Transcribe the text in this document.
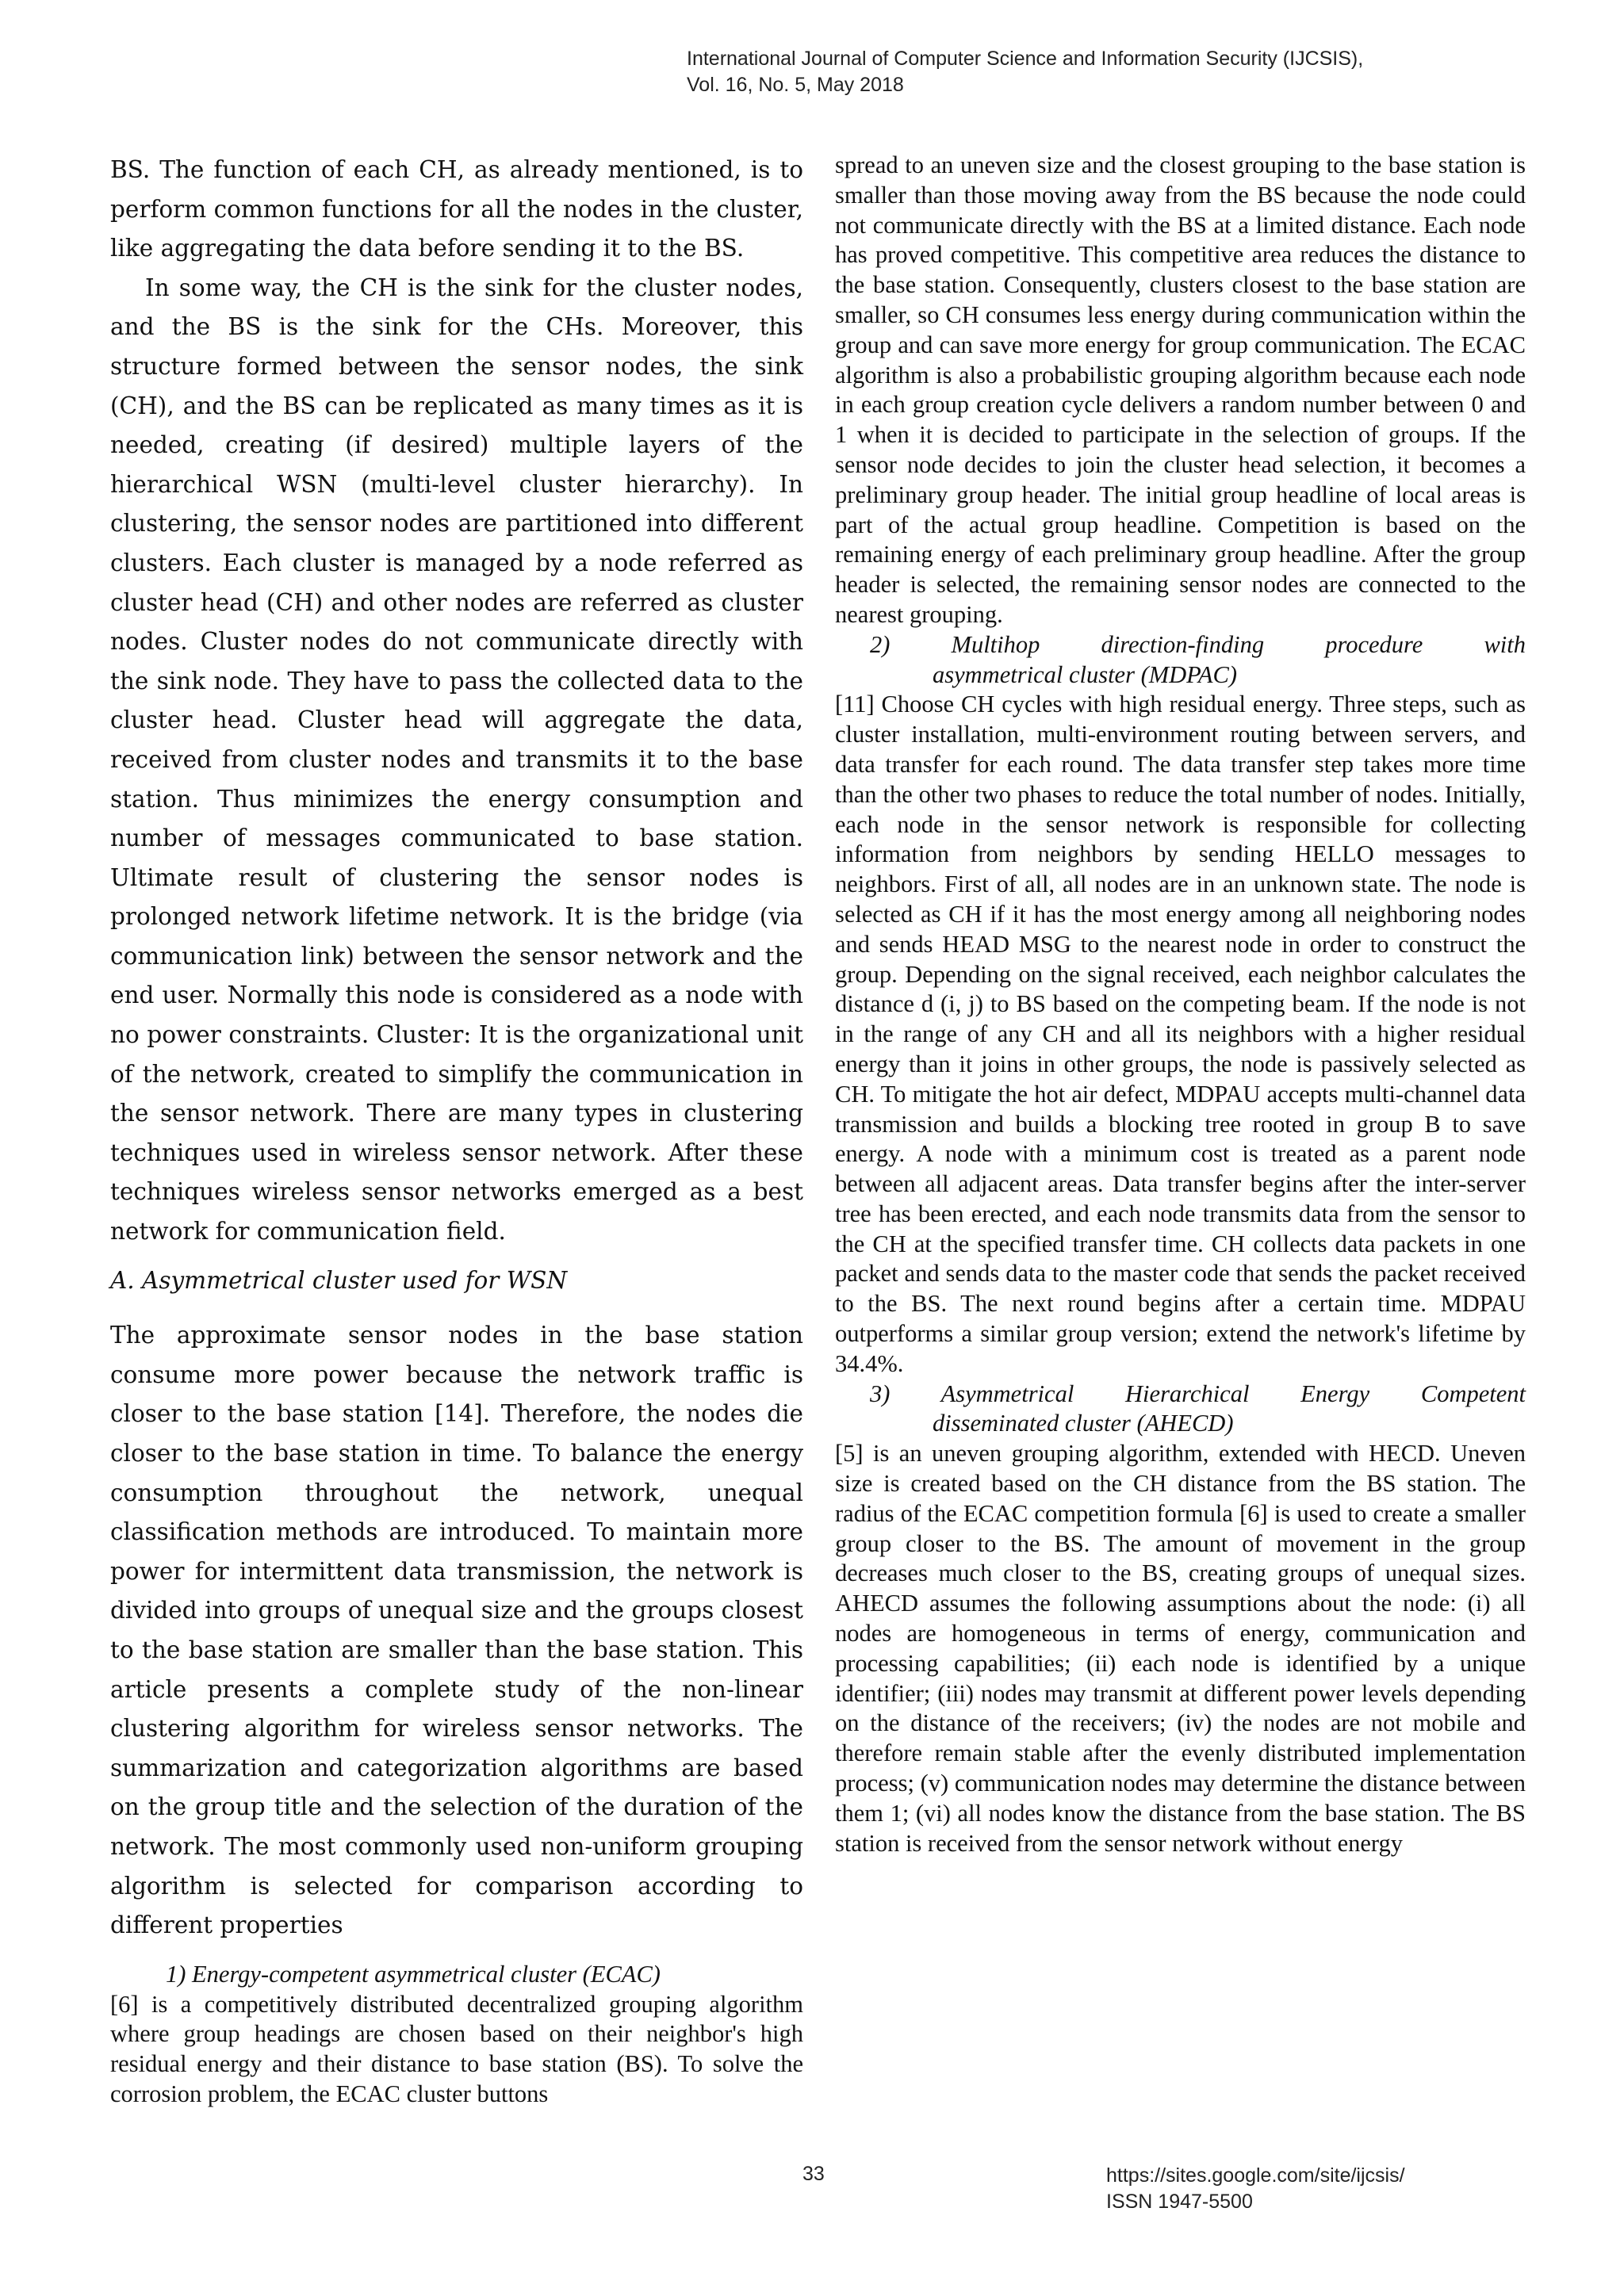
International Journal of Computer Science and Information Security (IJCSIS),
Vol. 16, No. 5, May 2018

BS. The function of each CH, as already mentioned, is to perform common functions for all the nodes in the cluster, like aggregating the data before sending it to the BS.

In some way, the CH is the sink for the cluster nodes, and the BS is the sink for the CHs. Moreover, this structure formed between the sensor nodes, the sink (CH), and the BS can be replicated as many times as it is needed, creating (if desired) multiple layers of the hierarchical WSN (multi-level cluster hierarchy). In clustering, the sensor nodes are partitioned into different clusters. Each cluster is managed by a node referred as cluster head (CH) and other nodes are referred as cluster nodes. Cluster nodes do not communicate directly with the sink node. They have to pass the collected data to the cluster head. Cluster head will aggregate the data, received from cluster nodes and transmits it to the base station. Thus minimizes the energy consumption and number of messages communicated to base station. Ultimate result of clustering the sensor nodes is prolonged network lifetime network. It is the bridge (via communication link) between the sensor network and the end user. Normally this node is considered as a node with no power constraints. Cluster: It is the organizational unit of the network, created to simplify the communication in the sensor network. There are many types in clustering techniques used in wireless sensor network. After these techniques wireless sensor networks emerged as a best network for communication field.

A. Asymmetrical cluster used for WSN

The approximate sensor nodes in the base station consume more power because the network traffic is closer to the base station [14]. Therefore, the nodes die closer to the base station in time. To balance the energy consumption throughout the network, unequal classification methods are introduced. To maintain more power for intermittent data transmission, the network is divided into groups of unequal size and the groups closest to the base station are smaller than the base station. This article presents a complete study of the non-linear clustering algorithm for wireless sensor networks. The summarization and categorization algorithms are based on the group title and the selection of the duration of the network. The most commonly used non-uniform grouping algorithm is selected for comparison according to different properties

1) Energy-competent asymmetrical cluster (ECAC)

[6] is a competitively distributed decentralized grouping algorithm where group headings are chosen based on their neighbor's high residual energy and their distance to base station (BS). To solve the corrosion problem, the ECAC cluster buttons

spread to an uneven size and the closest grouping to the base station is smaller than those moving away from the BS because the node could not communicate directly with the BS at a limited distance. Each node has proved competitive. This competitive area reduces the distance to the base station. Consequently, clusters closest to the base station are smaller, so CH consumes less energy during communication within the group and can save more energy for group communication. The ECAC algorithm is also a probabilistic grouping algorithm because each node in each group creation cycle delivers a random number between 0 and 1 when it is decided to participate in the selection of groups. If the sensor node decides to join the cluster head selection, it becomes a preliminary group header. The initial group headline of local areas is part of the actual group headline. Competition is based on the remaining energy of each preliminary group headline. After the group header is selected, the remaining sensor nodes are connected to the nearest grouping.

2) Multihop direction-finding procedure with

asymmetrical cluster (MDPAC)

[11] Choose CH cycles with high residual energy. Three steps, such as cluster installation, multi-environment routing between servers, and data transfer for each round. The data transfer step takes more time than the other two phases to reduce the total number of nodes. Initially, each node in the sensor network is responsible for collecting information from neighbors by sending HELLO messages to neighbors. First of all, all nodes are in an unknown state. The node is selected as CH if it has the most energy among all neighboring nodes and sends HEAD MSG to the nearest node in order to construct the group. Depending on the signal received, each neighbor calculates the distance d (i, j) to BS based on the competing beam. If the node is not in the range of any CH and all its neighbors with a higher residual energy than it joins in other groups, the node is passively selected as CH. To mitigate the hot air defect, MDPAU accepts multi-channel data transmission and builds a blocking tree rooted in group B to save energy. A node with a minimum cost is treated as a parent node between all adjacent areas. Data transfer begins after the inter-server tree has been erected, and each node transmits data from the sensor to the CH at the specified transfer time. CH collects data packets in one packet and sends data to the master code that sends the packet received to the BS. The next round begins after a certain time. MDPAU outperforms a similar group version; extend the network's lifetime by 34.4%.

3) Asymmetrical Hierarchical Energy Competent

disseminated cluster (AHECD)

[5] is an uneven grouping algorithm, extended with HECD. Uneven size is created based on the CH distance from the BS station. The radius of the ECAC competition formula [6] is used to create a smaller group closer to the BS. The amount of movement in the group decreases much closer to the BS, creating groups of unequal sizes. AHECD assumes the following assumptions about the node: (i) all nodes are homogeneous in terms of energy, communication and processing capabilities; (ii) each node is identified by a unique identifier; (iii) nodes may transmit at different power levels depending on the distance of the receivers; (iv) the nodes are not mobile and therefore remain stable after the evenly distributed implementation process; (v) communication nodes may determine the distance between them 1; (vi) all nodes know the distance from the base station. The BS station is received from the sensor network without energy

33	https://sites.google.com/site/ijcsis/
ISSN 1947-5500
